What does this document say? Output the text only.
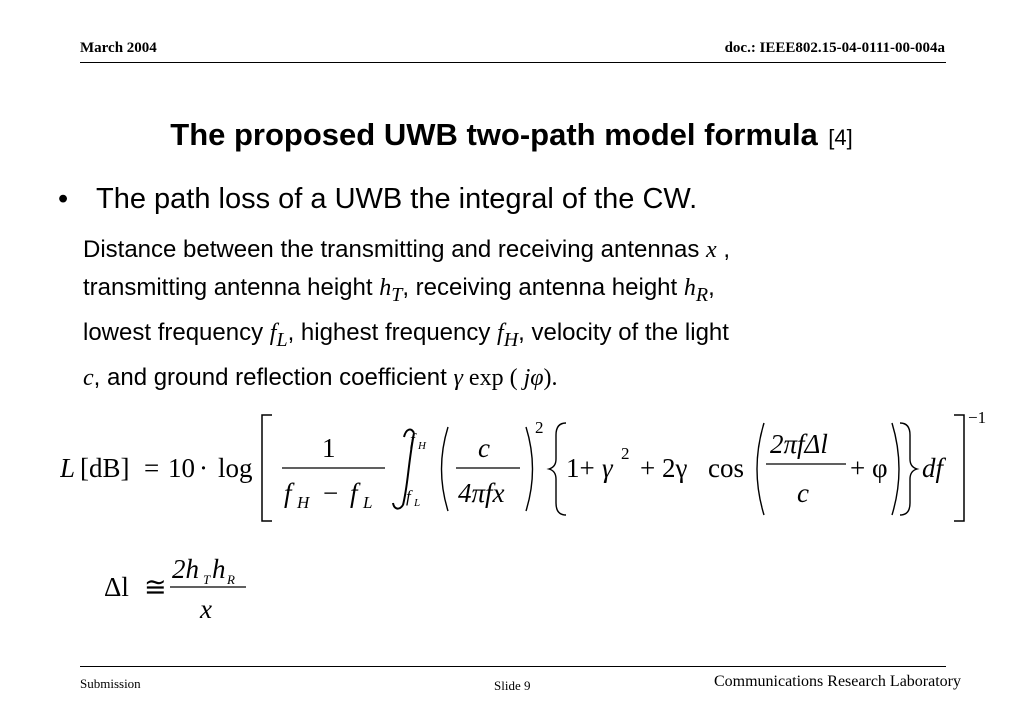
March 2004	doc.: IEEE802.15-04-0111-00-004a
The proposed UWB two-path model formula [4]
• The path loss of a UWB the integral of the CW.
Distance between the transmitting and receiving antennas x ,
transmitting antenna height $h_T$, receiving antenna height $h_R$,
lowest frequency $f_L$, highest frequency $f_H$, velocity of the light
c, and ground reflection coefficient γ exp ( jφ).
L [dB] = 10 · log
1
f H − f L
f H
f L
c
4πfx
2
1+ γ 2 + 2γ cos
2πfΔl
c
+ φ df
−1
Δl ≅
2h T h R
x
Submission	Slide 9	Communications Research Laboratory
